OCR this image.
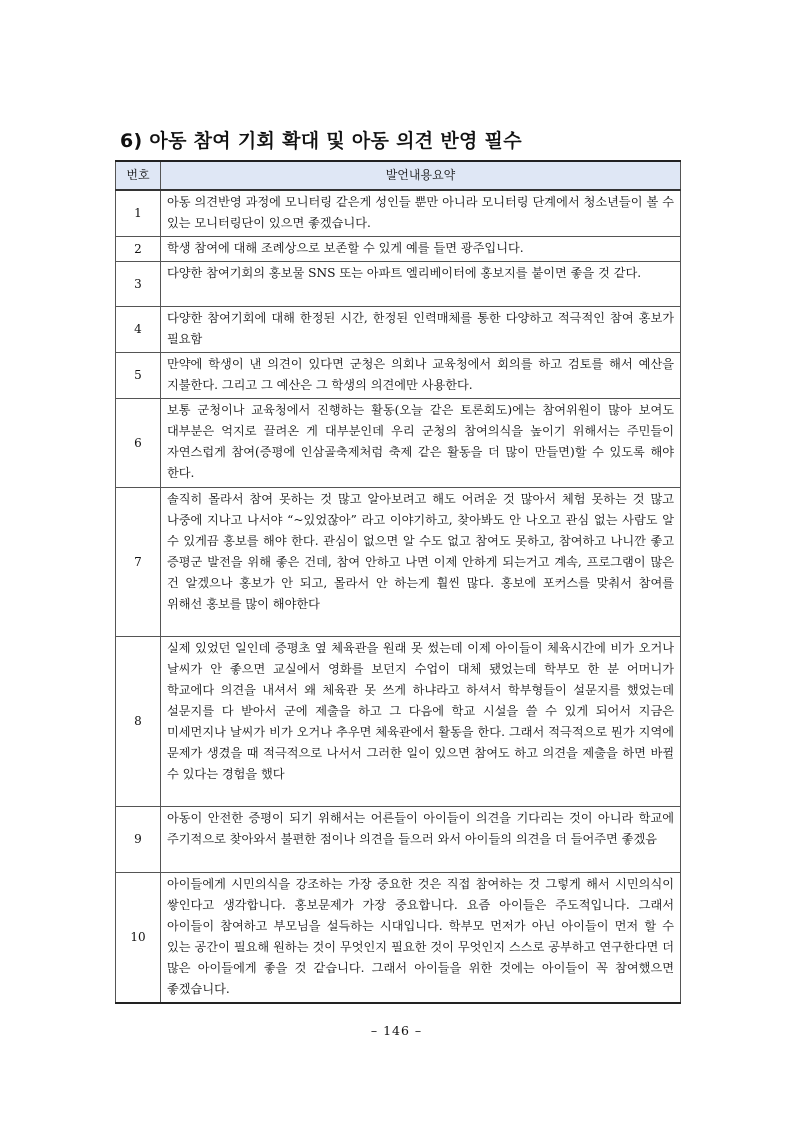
6) 아동 참여 기회 확대 및 아동 의견 반영 필수
번호	발언내용요약
1	아동 의견반영 과정에 모니터링 같은게 성인들 뿐만 아니라 모니터링 단계에서 청소년들이 볼 수 있는 모니터링단이 있으면 좋겠습니다.
2	학생 참여에 대해 조례상으로 보존할 수 있게 예를 들면 광주입니다.
3	다양한 참여기회의 홍보물 SNS 또는 아파트 엘리베이터에 홍보지를 붙이면 좋을 것 같다.
4	다양한 참여기회에 대해 한정된 시간, 한정된 인력매체를 통한 다양하고 적극적인 참여 홍보가 필요함
5	만약에 학생이 낸 의견이 있다면 군청은 의회나 교육청에서 회의를 하고 검토를 해서 예산을 지불한다. 그리고 그 예산은 그 학생의 의견에만 사용한다.
6	보통 군청이나 교육청에서 진행하는 활동(오늘 같은 토론회도)에는 참여위원이 많아 보여도 대부분은 억지로 끌려온 게 대부분인데 우리 군청의 참여의식을 높이기 위해서는 주민들이 자연스럽게 참여(증평에 인삼골축제처럼 축제 같은 활동을 더 많이 만들면)할 수 있도록 해야 한다.
7	솔직히 몰라서 참여 못하는 것 많고 알아보려고 해도 어려운 것 많아서 체험 못하는 것 많고 나중에 지나고 나서야 “~있었잖아” 라고 이야기하고, 찾아봐도 안 나오고 관심 없는 사람도 알 수 있게끔 홍보를 해야 한다. 관심이 없으면 알 수도 없고 참여도 못하고, 참여하고 나니깐 좋고 증평군 발전을 위해 좋은 건데, 참여 안하고 나면 이제 안하게 되는거고 계속, 프로그램이 많은 건 알겠으나 홍보가 안 되고, 몰라서 안 하는게 훨씬 많다. 홍보에 포커스를 맞춰서 참여를 위해선 홍보를 많이 해야한다
8	실제 있었던 일인데 증평초 옆 체육관을 원래 못 썼는데 이제 아이들이 체육시간에 비가 오거나 날씨가 안 좋으면 교실에서 영화를 보던지 수업이 대체 됐었는데 학부모 한 분 어머니가 학교에다 의견을 내셔서 왜 체육관 못 쓰게 하냐라고 하셔서 학부형들이 설문지를 했었는데 설문지를 다 받아서 군에 제출을 하고 그 다음에 학교 시설을 쓸 수 있게 되어서 지금은 미세먼지나 날씨가 비가 오거나 추우면 체육관에서 활동을 한다. 그래서 적극적으로 뭔가 지역에 문제가 생겼을 때 적극적으로 나서서 그러한 일이 있으면 참여도 하고 의견을 제출을 하면 바뀔 수 있다는 경험을 했다
9	아동이 안전한 증평이 되기 위해서는 어른들이 아이들이 의견을 기다리는 것이 아니라 학교에 주기적으로 찾아와서 불편한 점이나 의견을 들으러 와서 아이들의 의견을 더 들어주면 좋겠음
10	아이들에게 시민의식을 강조하는 가장 중요한 것은 직접 참여하는 것 그렇게 해서 시민의식이 쌓인다고 생각합니다. 홍보문제가 가장 중요합니다. 요즘 아이들은 주도적입니다. 그래서 아이들이 참여하고 부모님을 설득하는 시대입니다. 학부모 먼저가 아닌 아이들이 먼저 할 수 있는 공간이 필요해 원하는 것이 무엇인지 필요한 것이 무엇인지 스스로 공부하고 연구한다면 더 많은 아이들에게 좋을 것 같습니다. 그래서 아이들을 위한 것에는 아이들이 꼭 참여했으면 좋겠습니다.
– 146 –
